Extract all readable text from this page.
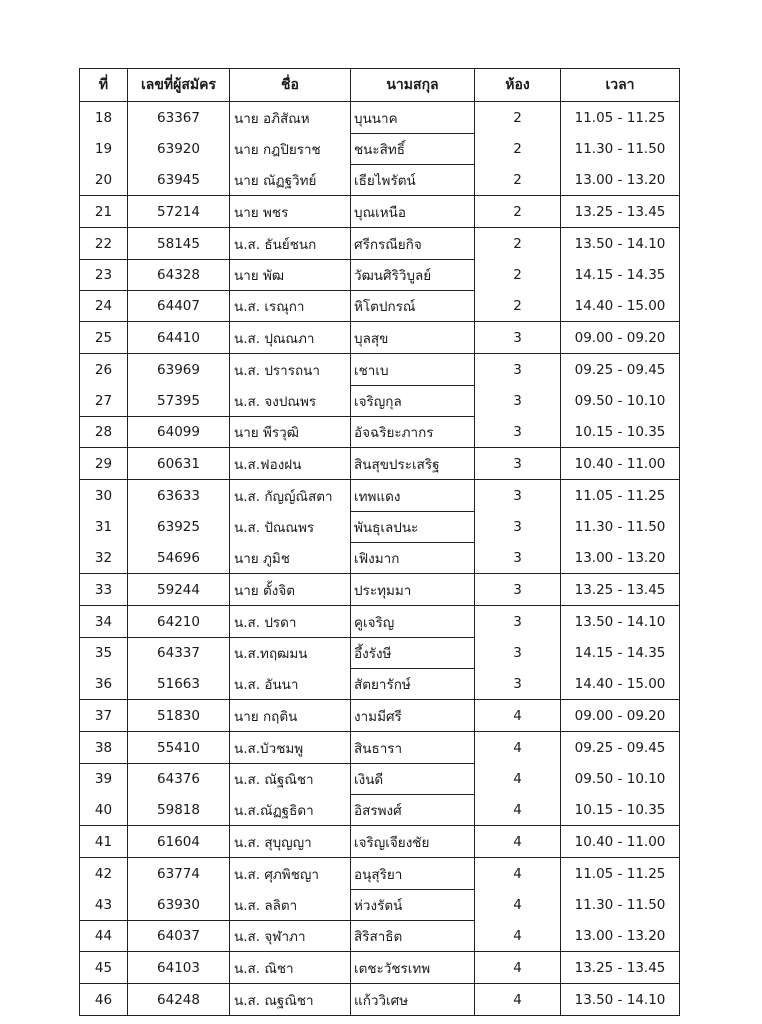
ที่	เลขที่ผู้สมัคร	ชื่อ	นามสกุล	ห้อง	เวลา
18	63367	นาย อภิสัณห	บุนนาค	2	11.05 - 11.25
19	63920	นาย กฎปิยราช	ชนะสิทธิ์	2	11.30 - 11.50
20	63945	นาย ณัฏฐวิทย์	เธียไพรัตน์	2	13.00 - 13.20
21	57214	นาย พชร	บุณเหนือ	2	13.25 - 13.45
22	58145	น.ส. ธันย์ชนก	ศรีกรณียกิจ	2	13.50 - 14.10
23	64328	นาย พัฒ	วัฒนศิริวิบูลย์	2	14.15 - 14.35
24	64407	น.ส. เรณุกา	หิโตปกรณ์	2	14.40 - 15.00
25	64410	น.ส. ปุณณภา	บุลสุข	3	09.00 - 09.20
26	63969	น.ส. ปรารถนา	เชาเบ	3	09.25 - 09.45
27	57395	น.ส. จงปณพร	เจริญกุล	3	09.50 - 10.10
28	64099	นาย พีรวุฒิ	อัจฉริยะภากร	3	10.15 - 10.35
29	60631	น.ส.ฟองฝน	สินสุขประเสริฐ	3	10.40 - 11.00
30	63633	น.ส. กัญญ์ณิสตา	เทพแดง	3	11.05 - 11.25
31	63925	น.ส. ปัณณพร	พันธุเลปนะ	3	11.30 - 11.50
32	54696	นาย ภูมิช	เฟิงมาก	3	13.00 - 13.20
33	59244	นาย ตั้งจิต	ประทุมมา	3	13.25 - 13.45
34	64210	น.ส. ปรดา	คูเจริญ	3	13.50 - 14.10
35	64337	น.ส.ทฤฒมน	อึ้งรังษี	3	14.15 - 14.35
36	51663	น.ส. อันนา	สัตยารักษ์	3	14.40 - 15.00
37	51830	นาย กฤติน	งามมีศรี	4	09.00 - 09.20
38	55410	น.ส.บัวชมพู	สินธารา	4	09.25 - 09.45
39	64376	น.ส. ณัฐณิชา	เงินดี	4	09.50 - 10.10
40	59818	น.ส.ณัฏฐธิดา	อิสรพงศ์	4	10.15 - 10.35
41	61604	น.ส. สุบุญญา	เจริญเจียงชัย	4	10.40 - 11.00
42	63774	น.ส. ศุภพิชญา	อนุสุริยา	4	11.05 - 11.25
43	63930	น.ส. ลลิตา	ห่วงรัตน์	4	11.30 - 11.50
44	64037	น.ส. จุฬาภา	สิริสาธิต	4	13.00 - 13.20
45	64103	น.ส. ณิชา	เตชะวัชรเทพ	4	13.25 - 13.45
46	64248	น.ส. ณฐณิชา	แก้ววิเศษ	4	13.50 - 14.10
